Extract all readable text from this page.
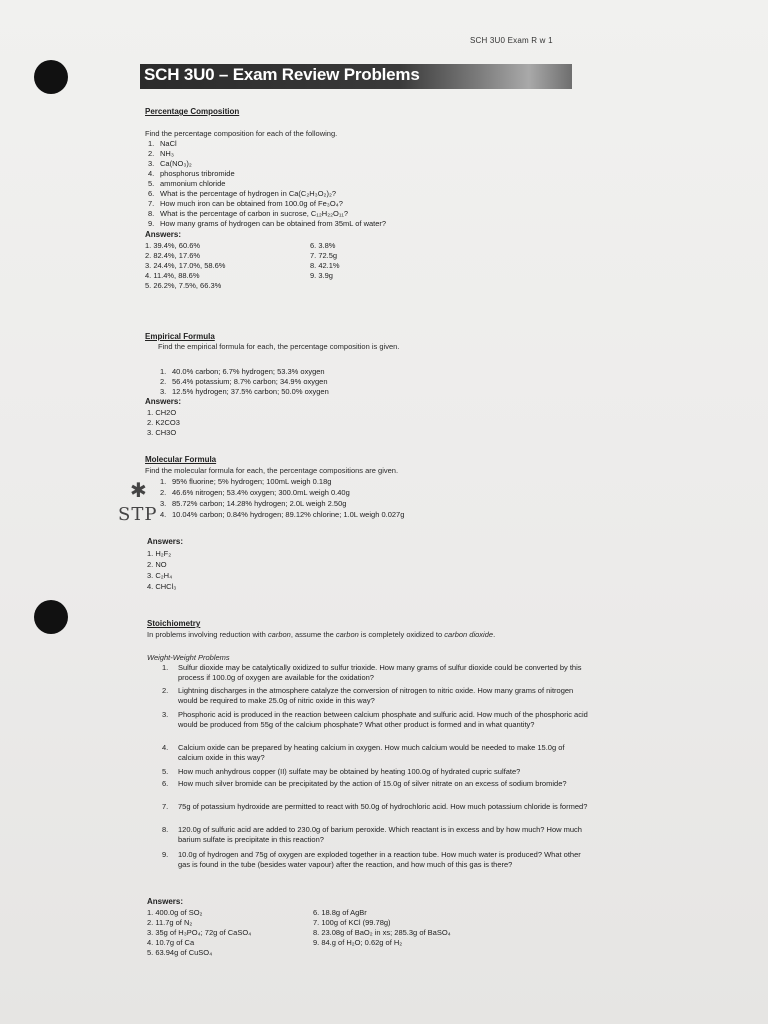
SCH 3U0 Exam R w 1
SCH 3U0 – Exam Review Problems
Percentage Composition
Find the percentage composition for each of the following.
1. NaCl
2. NH₃
3. Ca(NO₃)₂
4. phosphorus tribromide
5. ammonium chloride
6. What is the percentage of hydrogen in Ca(C₂H₃O₂)₂?
7. How much iron can be obtained from 100.0g of Fe₃O₄?
8. What is the percentage of carbon in sucrose, C₁₂H₂₂O₁₁?
9. How many grams of hydrogen can be obtained from 35mL of water?
Answers:
1. 39.4%, 60.6%
2. 82.4%, 17.6%
3. 24.4%, 17.0%, 58.6%
4. 11.4%, 88.6%
5. 26.2%, 7.5%, 66.3%
6. 3.8%
7. 72.5g
8. 42.1%
9. 3.9g
Empirical Formula
Find the empirical formula for each, the percentage composition is given.
1. 40.0% carbon; 6.7% hydrogen; 53.3% oxygen
2. 56.4% potassium; 8.7% carbon; 34.9% oxygen
3. 12.5% hydrogen; 37.5% carbon; 50.0% oxygen
Answers:
1. CH2O
2. K2CO3
3. CH3O
Molecular Formula
Find the molecular formula for each, the percentage compositions are given.
1. 95% fluorine; 5% hydrogen; 100mL weigh 0.18g
2. 46.6% nitrogen; 53.4% oxygen; 300.0mL weigh 0.40g
3. 85.72% carbon; 14.28% hydrogen; 2.0L weigh 2.50g
4. 10.04% carbon; 0.84% hydrogen; 89.12% chlorine; 1.0L weigh 0.027g
✱
STP
Answers:
1. H₂F₂
2. NO
3. C₂H₄
4. CHCl₃
Stoichiometry
In problems involving reduction with carbon, assume the carbon is completely oxidized to carbon dioxide.
Weight-Weight Problems
1. Sulfur dioxide may be catalytically oxidized to sulfur trioxide. How many grams of sulfur dioxide could be converted by this process if 100.0g of oxygen are available for the oxidation?
2. Lightning discharges in the atmosphere catalyze the conversion of nitrogen to nitric oxide. How many grams of nitrogen would be required to make 25.0g of nitric oxide in this way?
3. Phosphoric acid is produced in the reaction between calcium phosphate and sulfuric acid. How much of the phosphoric acid would be produced from 55g of the calcium phosphate? What other product is formed and in what quantity?
4. Calcium oxide can be prepared by heating calcium in oxygen. How much calcium would be needed to make 15.0g of calcium oxide in this way?
5. How much anhydrous copper (II) sulfate may be obtained by heating 100.0g of hydrated cupric sulfate?
6. How much silver bromide can be precipitated by the action of 15.0g of silver nitrate on an excess of sodium bromide?
7. 75g of potassium hydroxide are permitted to react with 50.0g of hydrochloric acid. How much potassium chloride is formed?
8. 120.0g of sulfuric acid are added to 230.0g of barium peroxide. Which reactant is in excess and by how much? How much barium sulfate is precipitate in this reaction?
9. 10.0g of hydrogen and 75g of oxygen are exploded together in a reaction tube. How much water is produced? What other gas is found in the tube (besides water vapour) after the reaction, and how much of this gas is there?
Answers:
1. 400.0g of SO₂
2. 11.7g of N₂
3. 35g of H₃PO₄; 72g of CaSO₄
4. 10.7g of Ca
5. 63.94g of CuSO₄
6. 18.8g of AgBr
7. 100g of KCl (99.78g)
8. 23.08g of BaO₂ in xs; 285.3g of BaSO₄
9. 84.g of H₂O; 0.62g of H₂
